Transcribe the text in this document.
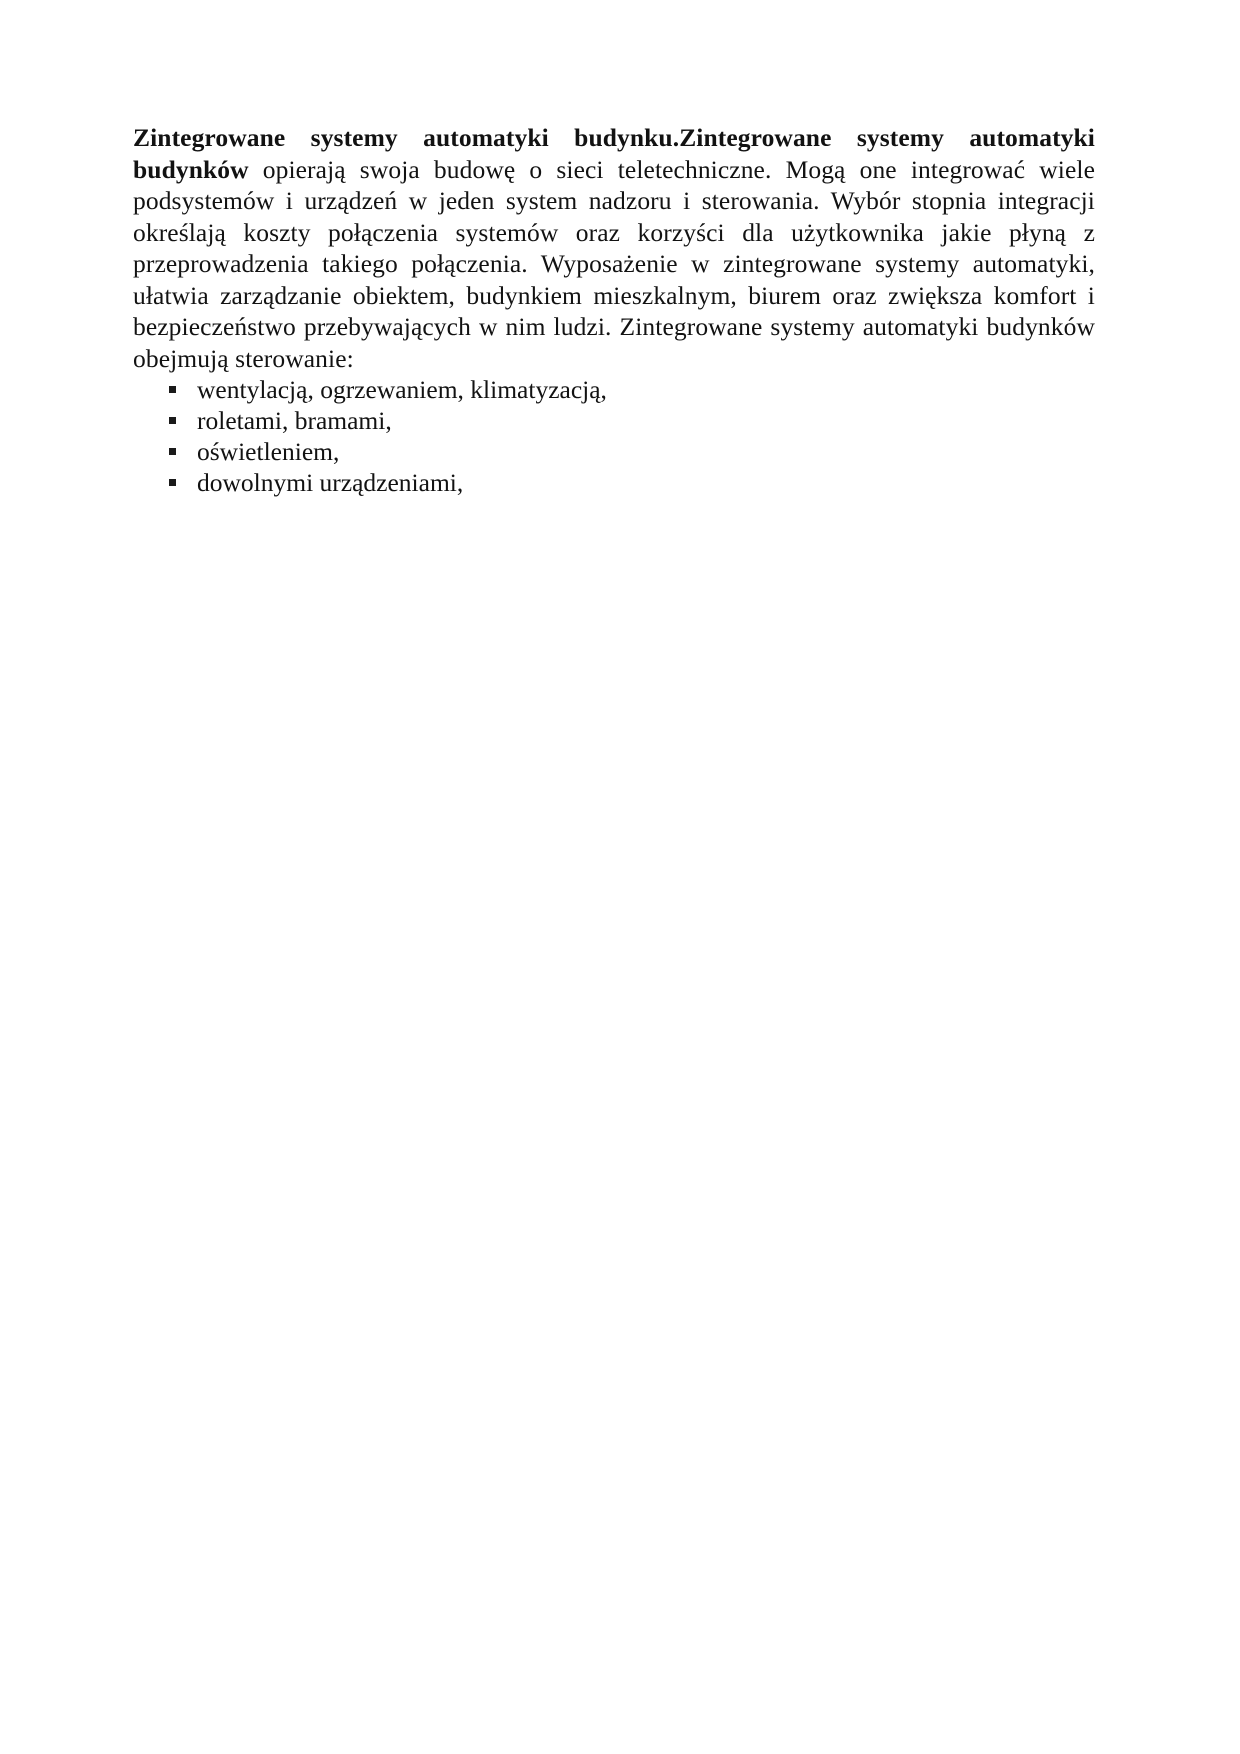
Zintegrowane systemy automatyki budynku.Zintegrowane systemy automatyki budynków opierają swoja budowę o sieci teletechniczne. Mogą one integrować wiele podsystemów i urządzeń w jeden system nadzoru i sterowania. Wybór stopnia integracji określają koszty połączenia systemów oraz korzyści dla użytkownika jakie płyną z przeprowadzenia takiego połączenia. Wyposażenie w zintegrowane systemy automatyki, ułatwia zarządzanie obiektem, budynkiem mieszkalnym, biurem oraz zwiększa komfort i bezpieczeństwo przebywających w nim ludzi. Zintegrowane systemy automatyki budynków obejmują sterowanie:

wentylacją, ogrzewaniem, klimatyzacją,
roletami, bramami,
oświetleniem,
dowolnymi urządzeniami,
